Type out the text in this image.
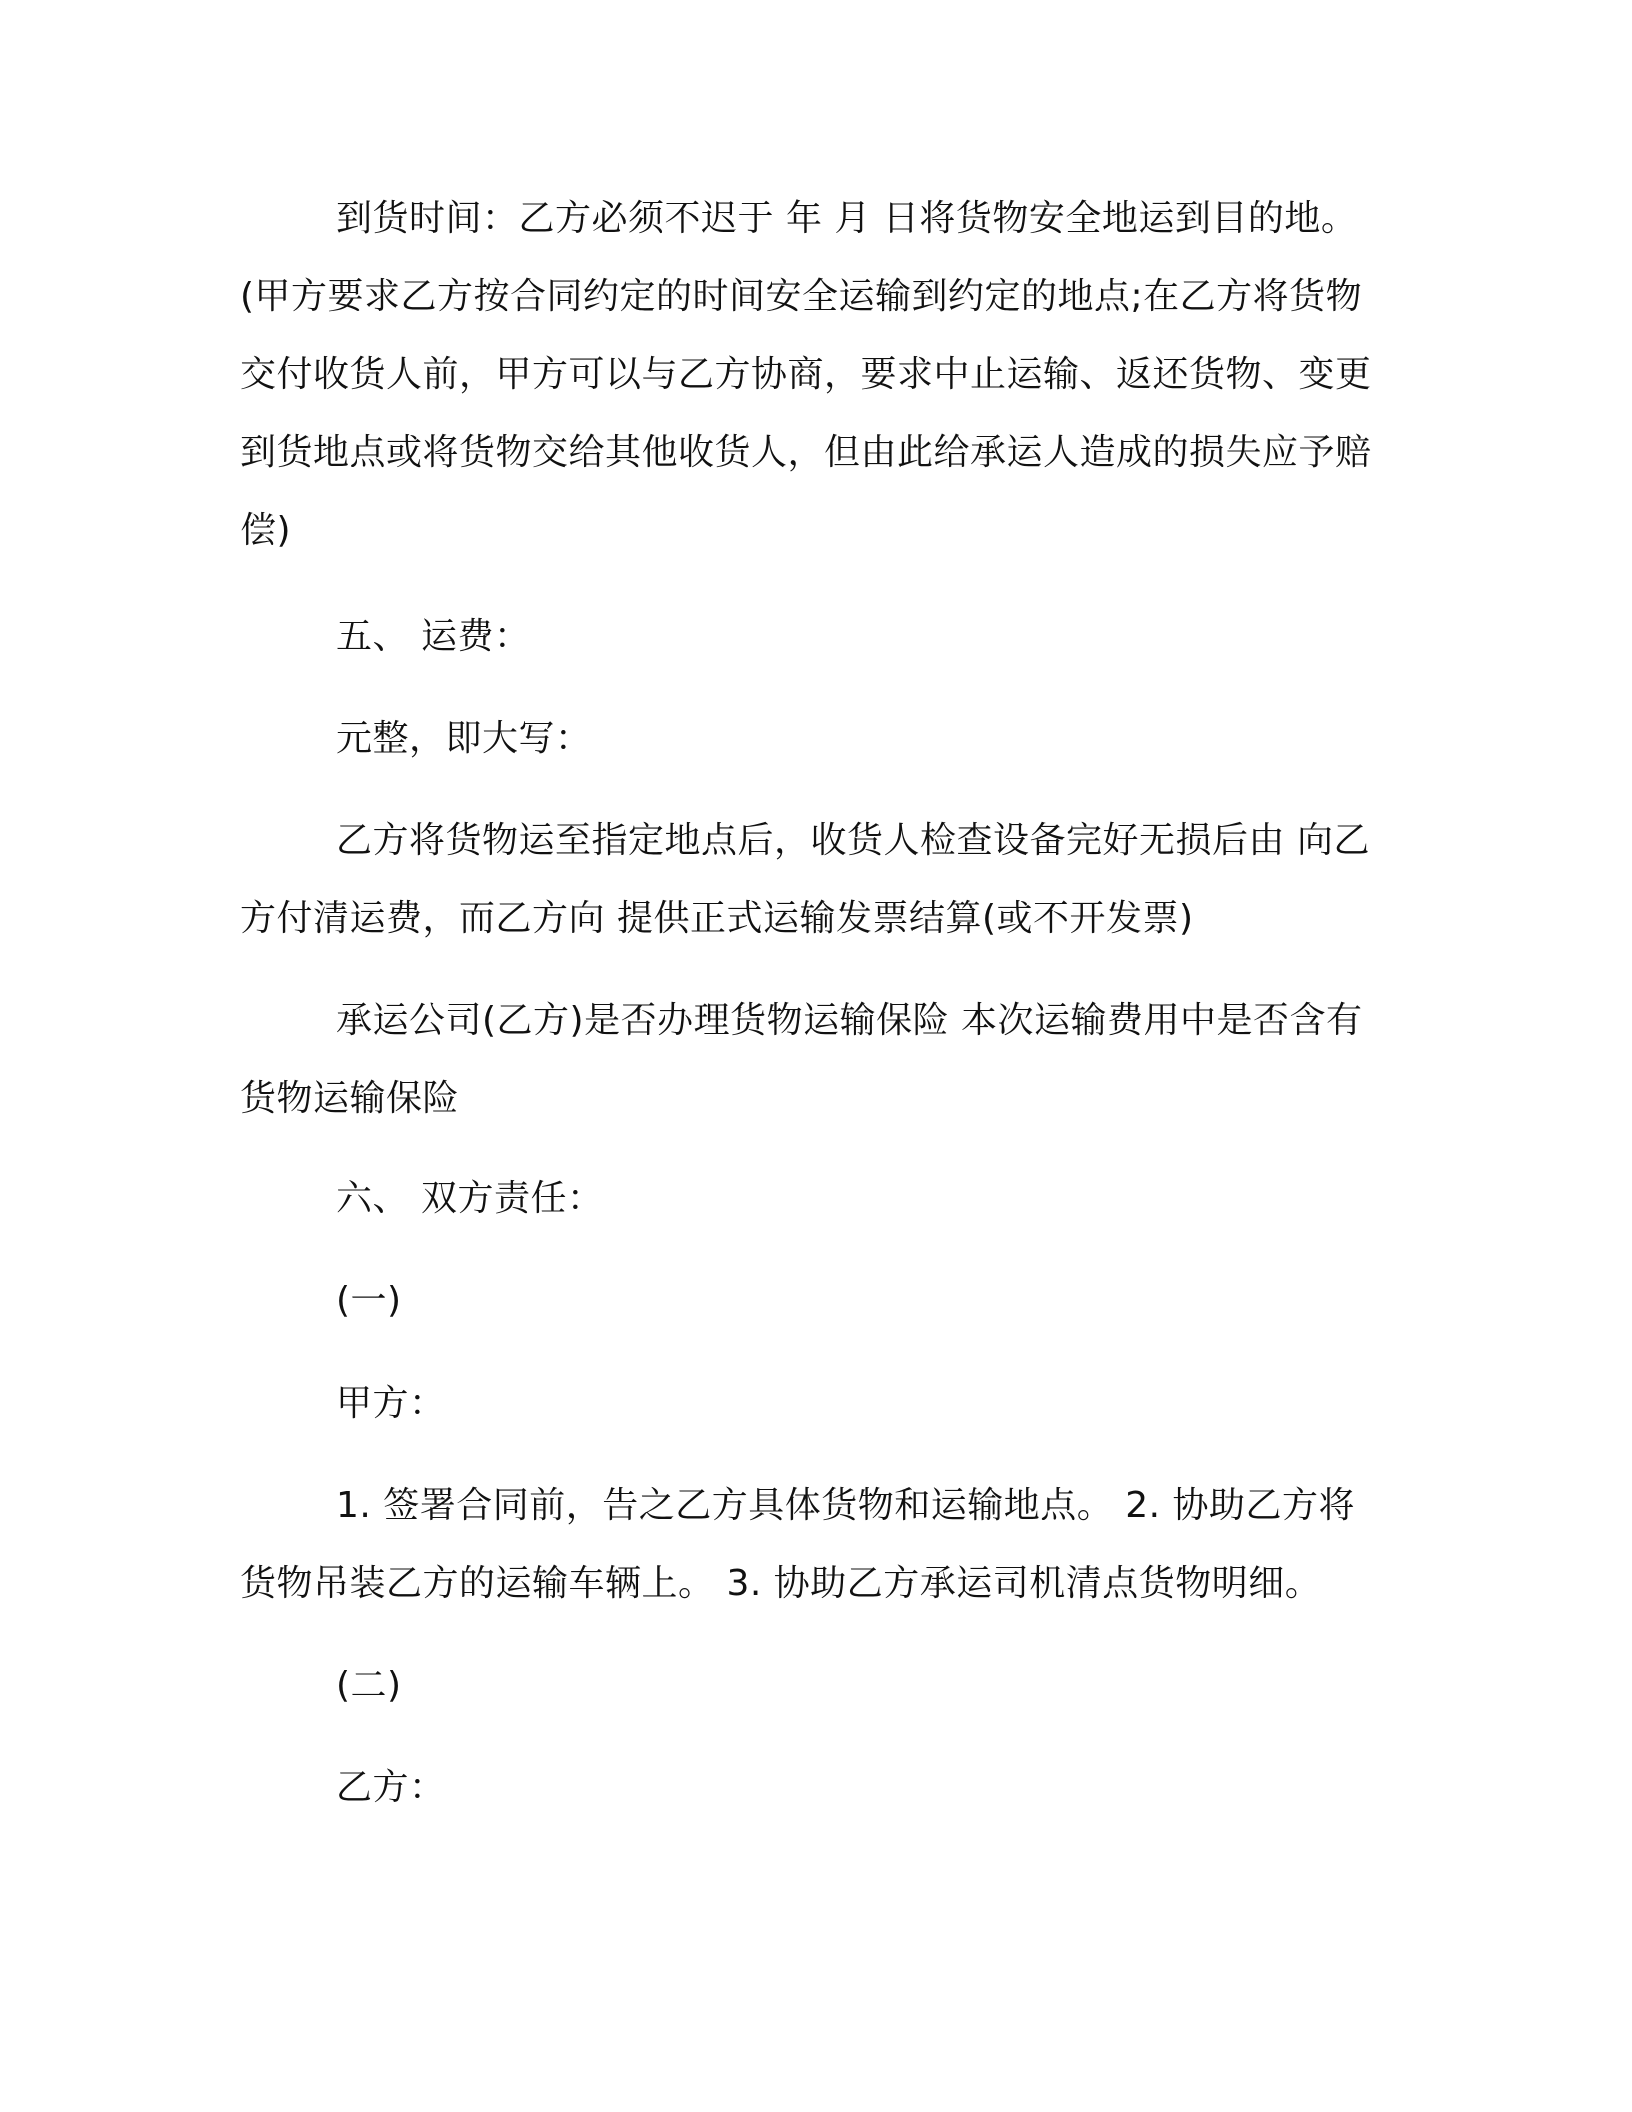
到货时间：乙方必须不迟于 年 月 日将货物安全地运到目的地。(甲方要求乙方按合同约定的时间安全运输到约定的地点;在乙方将货物交付收货人前，甲方可以与乙方协商，要求中止运输、返还货物、变更到货地点或将货物交给其他收货人，但由此给承运人造成的损失应予赔偿)

五、 运费：

元整，即大写：

乙方将货物运至指定地点后，收货人检查设备完好无损后由 向乙方付清运费，而乙方向 提供正式运输发票结算(或不开发票)

承运公司(乙方)是否办理货物运输保险 本次运输费用中是否含有货物运输保险

六、 双方责任：

(一)

甲方：

1. 签署合同前，告之乙方具体货物和运输地点。 2. 协助乙方将货物吊装乙方的运输车辆上。 3. 协助乙方承运司机清点货物明细。

(二)

乙方：
